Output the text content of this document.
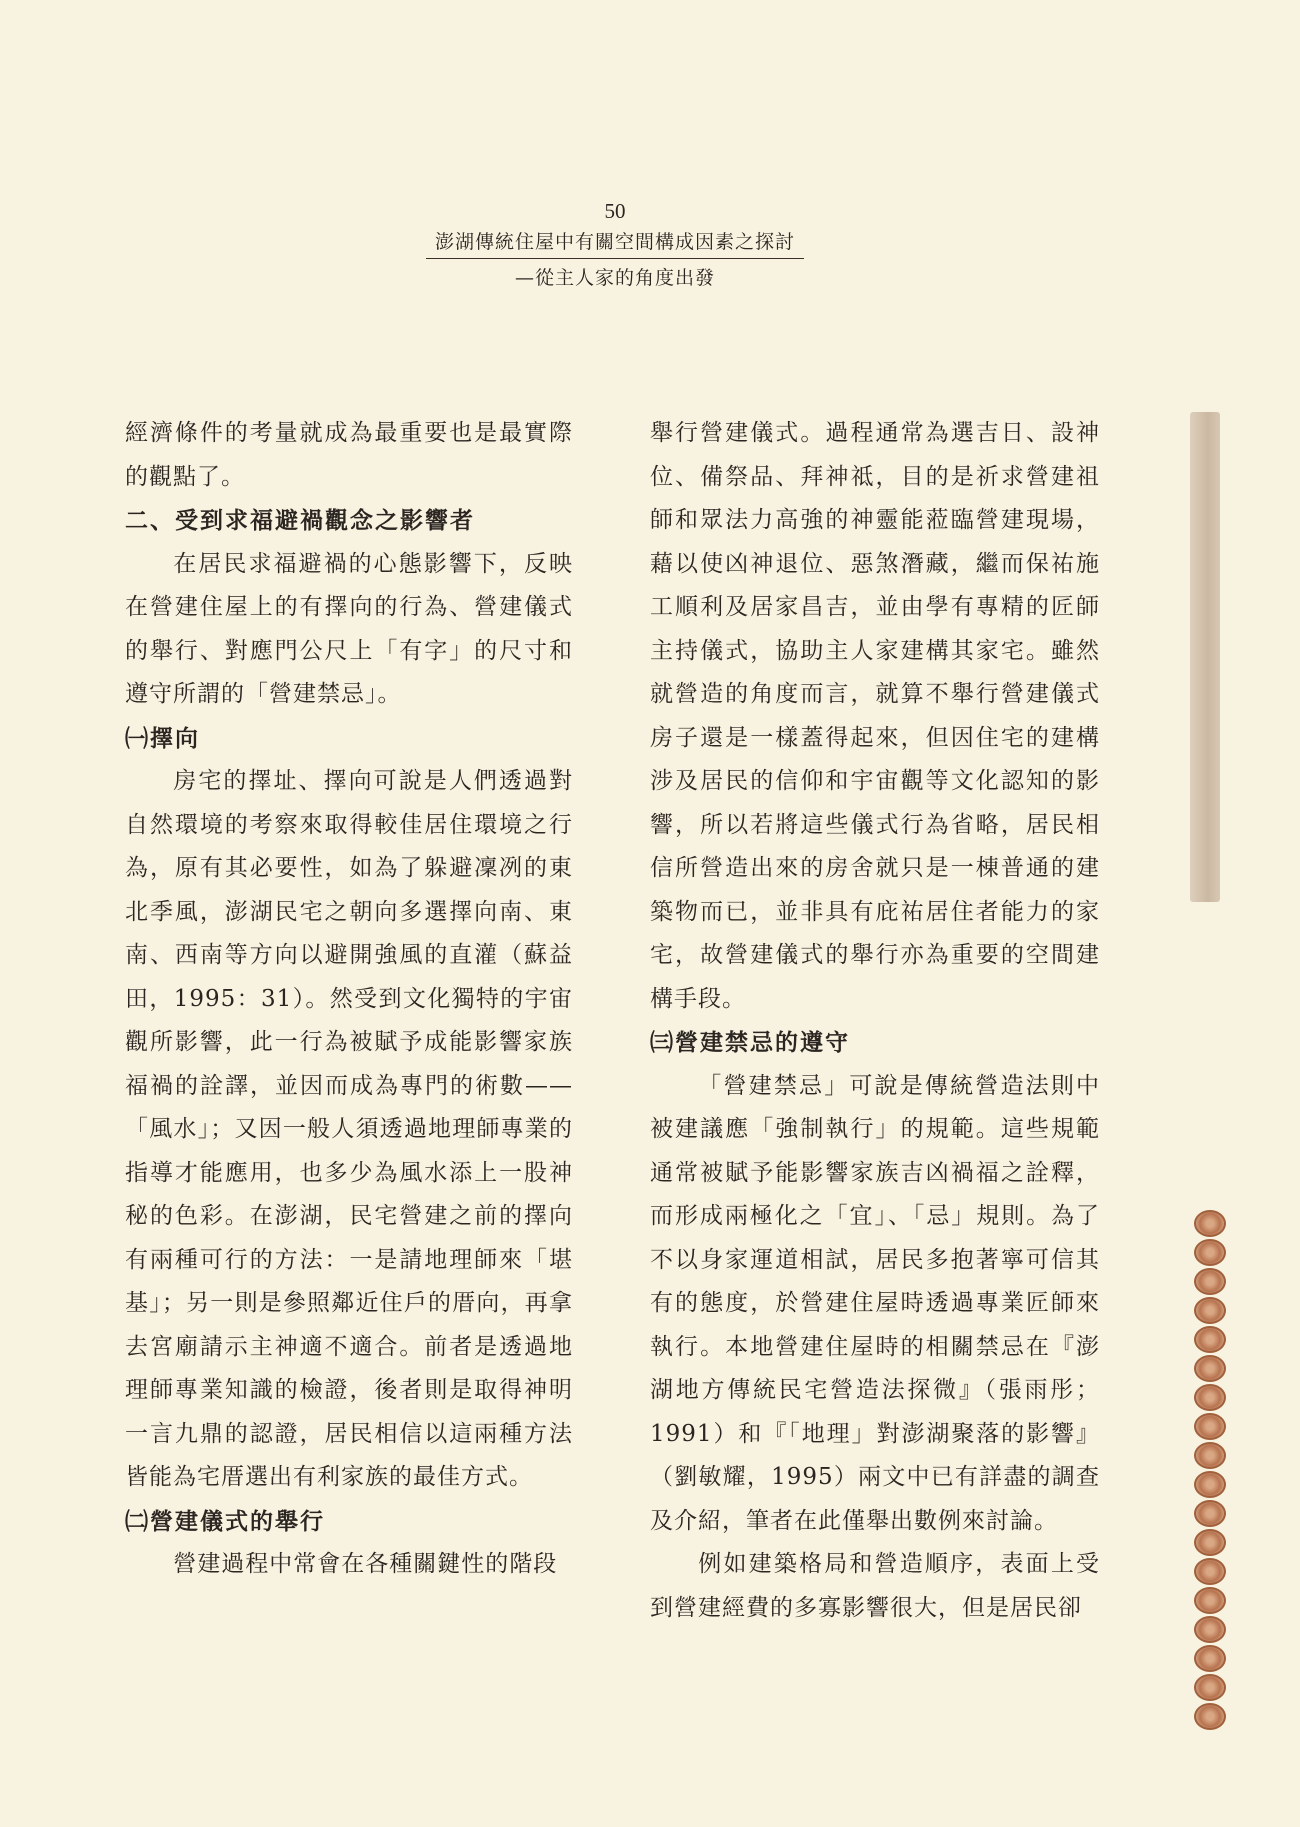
50
澎湖傳統住屋中有關空間構成因素之探討
—從主人家的角度出發

經濟條件的考量就成為最重要也是最實際的觀點了。

二、受到求福避禍觀念之影響者

在居民求福避禍的心態影響下，反映在營建住屋上的有擇向的行為、營建儀式的舉行、對應門公尺上「有字」的尺寸和遵守所謂的「營建禁忌」。

㈠擇向

房宅的擇址、擇向可說是人們透過對自然環境的考察來取得較佳居住環境之行為，原有其必要性，如為了躲避凜冽的東北季風，澎湖民宅之朝向多選擇向南、東南、西南等方向以避開強風的直灌（蘇益田，1995：31）。然受到文化獨特的宇宙觀所影響，此一行為被賦予成能影響家族福禍的詮譯，並因而成為專門的術數——「風水」；又因一般人須透過地理師專業的指導才能應用，也多少為風水添上一股神秘的色彩。在澎湖，民宅營建之前的擇向有兩種可行的方法：一是請地理師來「堪基」；另一則是參照鄰近住戶的厝向，再拿去宮廟請示主神適不適合。前者是透過地理師專業知識的檢證，後者則是取得神明一言九鼎的認證，居民相信以這兩種方法皆能為宅厝選出有利家族的最佳方式。

㈡營建儀式的舉行

營建過程中常會在各種關鍵性的階段

舉行營建儀式。過程通常為選吉日、設神位、備祭品、拜神祗，目的是祈求營建祖師和眾法力高強的神靈能蒞臨營建現場，藉以使凶神退位、惡煞潛藏，繼而保祐施工順利及居家昌吉，並由學有專精的匠師主持儀式，協助主人家建構其家宅。雖然就營造的角度而言，就算不舉行營建儀式房子還是一樣蓋得起來，但因住宅的建構涉及居民的信仰和宇宙觀等文化認知的影響，所以若將這些儀式行為省略，居民相信所營造出來的房舍就只是一棟普通的建築物而已，並非具有庇祐居住者能力的家宅，故營建儀式的舉行亦為重要的空間建構手段。

㈢營建禁忌的遵守

「營建禁忌」可說是傳統營造法則中被建議應「強制執行」的規範。這些規範通常被賦予能影響家族吉凶禍福之詮釋，而形成兩極化之「宜」、「忌」規則。為了不以身家運道相試，居民多抱著寧可信其有的態度，於營建住屋時透過專業匠師來執行。本地營建住屋時的相關禁忌在『澎湖地方傳統民宅營造法探微』（張雨彤；1991）和『「地理」對澎湖聚落的影響』（劉敏耀，1995）兩文中已有詳盡的調查及介紹，筆者在此僅舉出數例來討論。

例如建築格局和營造順序，表面上受到營建經費的多寡影響很大，但是居民卻
